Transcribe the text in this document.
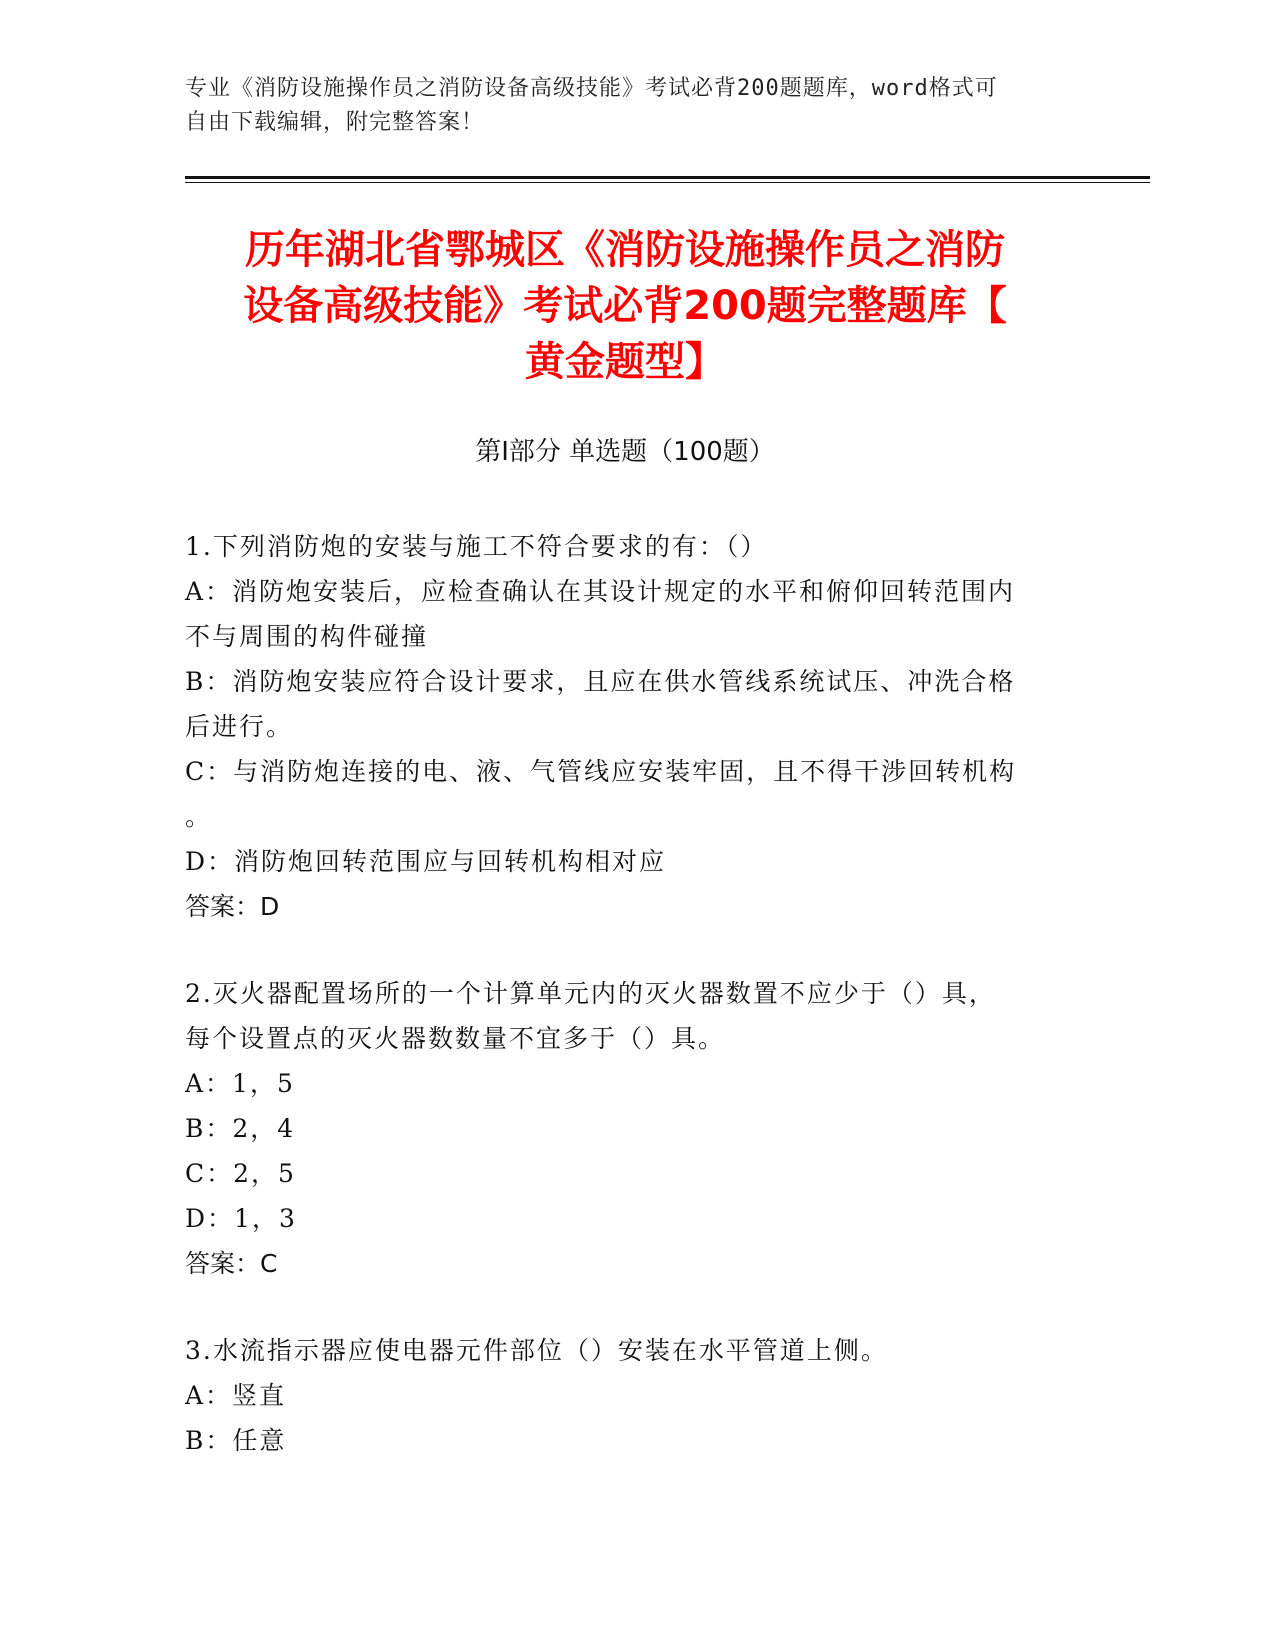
专业《消防设施操作员之消防设备高级技能》考试必背200题题库，word格式可
自由下载编辑，附完整答案！
历年湖北省鄂城区《消防设施操作员之消防
设备高级技能》考试必背200题完整题库【
黄金题型】
第Ⅰ部分 单选题（100题）

1.下列消防炮的安装与施工不符合要求的有：（）

A：消防炮安装后，应检查确认在其设计规定的水平和俯仰回转范围内

不与周围的构件碰撞

B：消防炮安装应符合设计要求，且应在供水管线系统试压、冲洗合格

后进行。

C：与消防炮连接的电、液、气管线应安装牢固，且不得干涉回转机构

。

D：消防炮回转范围应与回转机构相对应

答案：D

2.灭火器配置场所的一个计算单元内的灭火器数置不应少于（）具，

每个设置点的灭火器数数量不宜多于（）具。

A：1，5

B：2，4

C：2，5

D：1，3

答案：C

3.水流指示器应使电器元件部位（）安装在水平管道上侧。

A：竖直

B：任意
